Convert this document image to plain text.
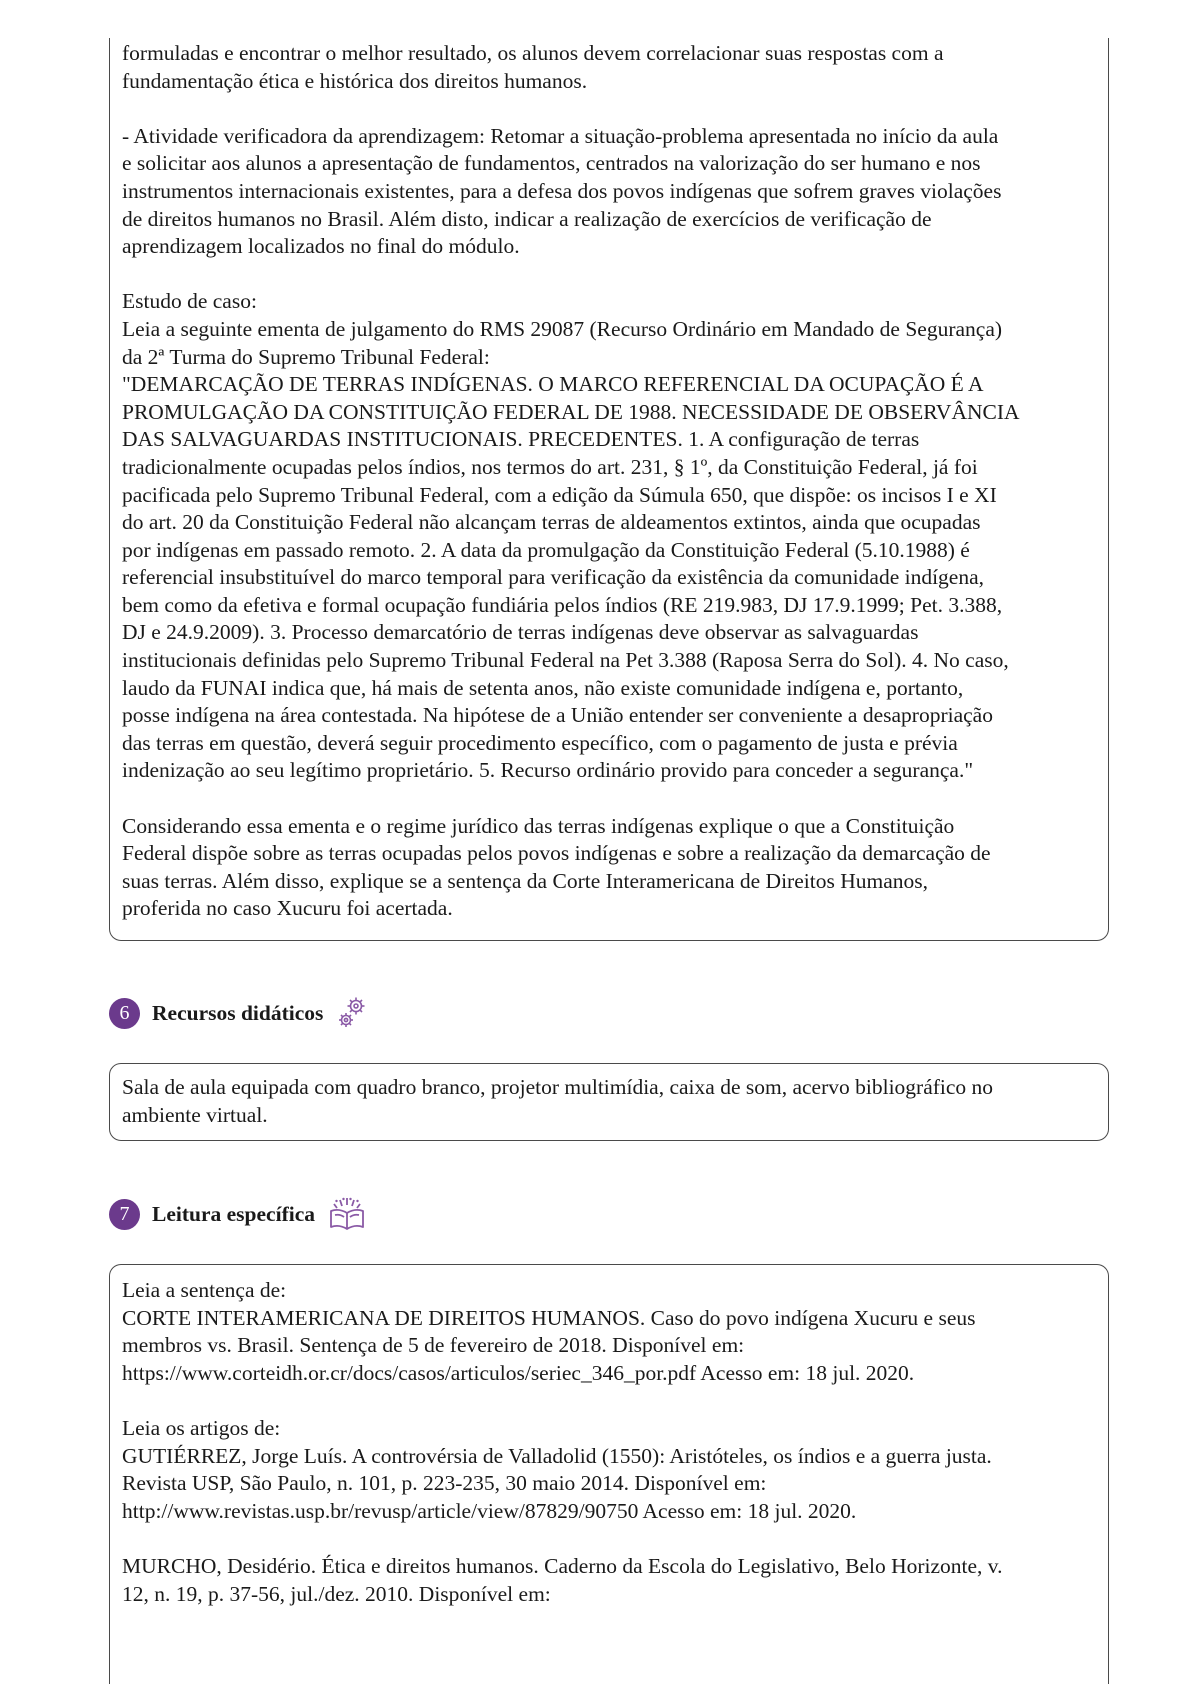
formuladas e encontrar o melhor resultado, os alunos devem correlacionar suas respostas com a
fundamentação ética e histórica dos direitos humanos.

- Atividade verificadora da aprendizagem: Retomar a situação-problema apresentada no início da aula
e solicitar aos alunos a apresentação de fundamentos, centrados na valorização do ser humano e nos
instrumentos internacionais existentes, para a defesa dos povos indígenas que sofrem graves violações
de direitos humanos no Brasil. Além disto, indicar a realização de exercícios de verificação de
aprendizagem localizados no final do módulo.

Estudo de caso:
Leia a seguinte ementa de julgamento do RMS 29087 (Recurso Ordinário em Mandado de Segurança)
da 2ª Turma do Supremo Tribunal Federal:
"DEMARCAÇÃO DE TERRAS INDÍGENAS. O MARCO REFERENCIAL DA OCUPAÇÃO É A
PROMULGAÇÃO DA CONSTITUIÇÃO FEDERAL DE 1988. NECESSIDADE DE OBSERVÂNCIA
DAS SALVAGUARDAS INSTITUCIONAIS. PRECEDENTES. 1. A configuração de terras
tradicionalmente ocupadas pelos índios, nos termos do art. 231, § 1º, da Constituição Federal, já foi
pacificada pelo Supremo Tribunal Federal, com a edição da Súmula 650, que dispõe: os incisos I e XI
do art. 20 da Constituição Federal não alcançam terras de aldeamentos extintos, ainda que ocupadas
por indígenas em passado remoto. 2. A data da promulgação da Constituição Federal (5.10.1988) é
referencial insubstituível do marco temporal para verificação da existência da comunidade indígena,
bem como da efetiva e formal ocupação fundiária pelos índios (RE 219.983, DJ 17.9.1999; Pet. 3.388,
DJ e 24.9.2009). 3. Processo demarcatório de terras indígenas deve observar as salvaguardas
institucionais definidas pelo Supremo Tribunal Federal na Pet 3.388 (Raposa Serra do Sol). 4. No caso,
laudo da FUNAI indica que, há mais de setenta anos, não existe comunidade indígena e, portanto,
posse indígena na área contestada. Na hipótese de a União entender ser conveniente a desapropriação
das terras em questão, deverá seguir procedimento específico, com o pagamento de justa e prévia
indenização ao seu legítimo proprietário. 5. Recurso ordinário provido para conceder a segurança."

Considerando essa ementa e o regime jurídico das terras indígenas explique o que a Constituição
Federal dispõe sobre as terras ocupadas pelos povos indígenas e sobre a realização da demarcação de
suas terras. Além disso, explique se a sentença da Corte Interamericana de Direitos Humanos,
proferida no caso Xucuru foi acertada.

6	Recursos didáticos

Sala de aula equipada com quadro branco, projetor multimídia, caixa de som, acervo bibliográfico no
ambiente virtual.

7	Leitura específica

Leia a sentença de:
CORTE INTERAMERICANA DE DIREITOS HUMANOS. Caso do povo indígena Xucuru e seus
membros vs. Brasil. Sentença de 5 de fevereiro de 2018. Disponível em:
https://www.corteidh.or.cr/docs/casos/articulos/seriec_346_por.pdf Acesso em: 18 jul. 2020.

Leia os artigos de:
GUTIÉRREZ, Jorge Luís. A controvérsia de Valladolid (1550): Aristóteles, os índios e a guerra justa.
Revista USP, São Paulo, n. 101, p. 223-235, 30 maio 2014. Disponível em:
http://www.revistas.usp.br/revusp/article/view/87829/90750 Acesso em: 18 jul. 2020.

MURCHO, Desidério. Ética e direitos humanos. Caderno da Escola do Legislativo, Belo Horizonte, v.
12, n. 19, p. 37-56, jul./dez. 2010. Disponível em:
